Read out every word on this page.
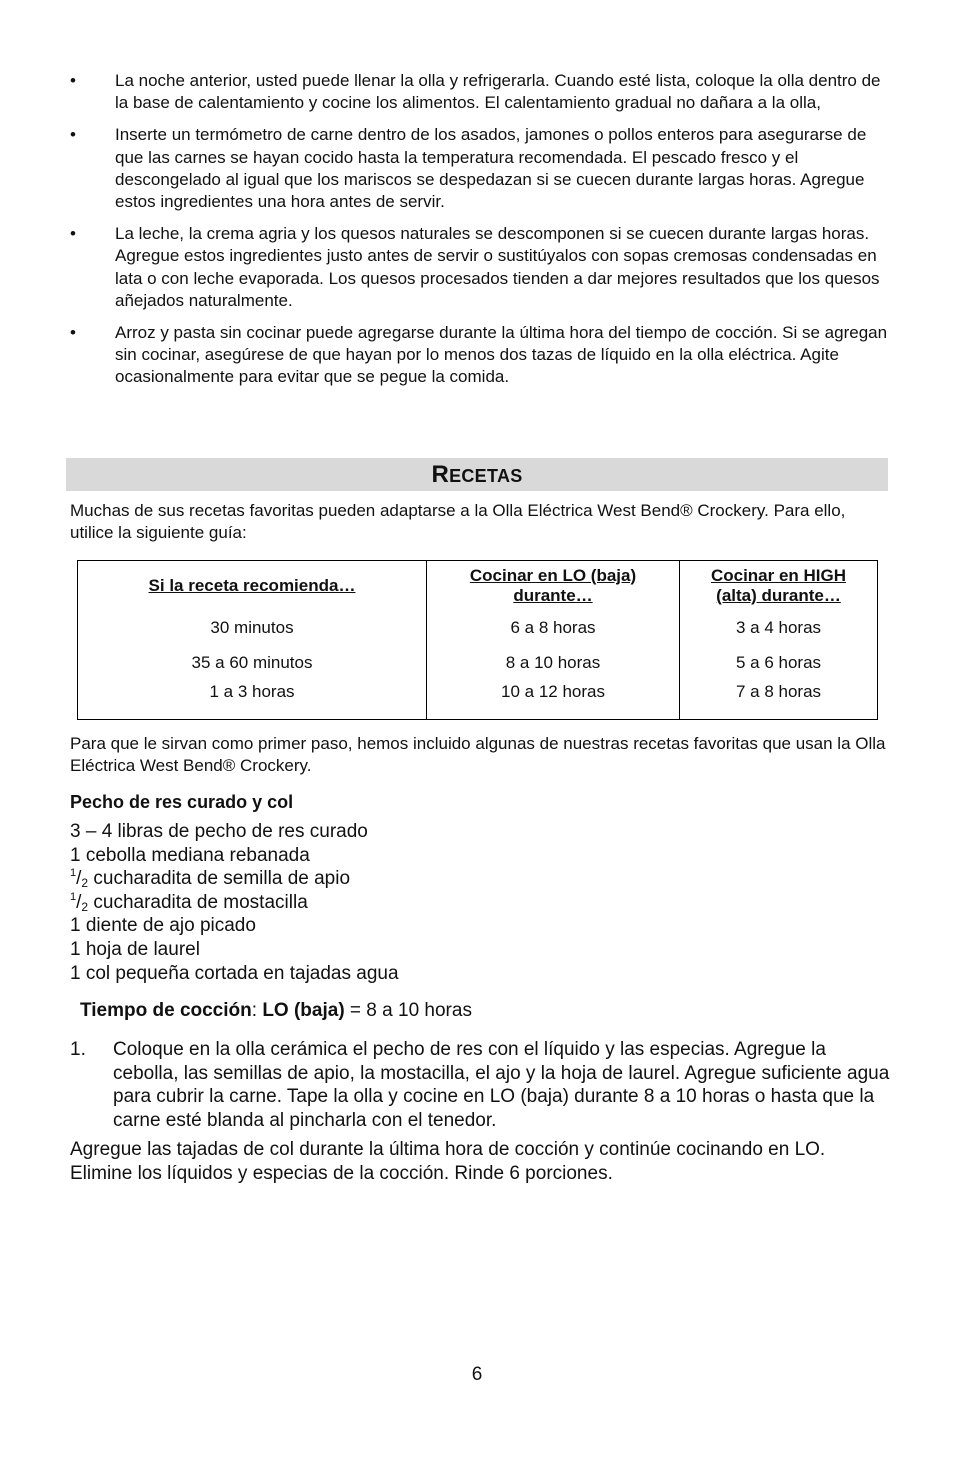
•	La noche anterior, usted puede llenar la olla y refrigerarla. Cuando esté lista, coloque la olla dentro de la base de calentamiento y cocine los alimentos. El calentamiento gradual no dañara a la olla,
•	Inserte un termómetro de carne dentro de los asados, jamones o pollos enteros para asegurarse de que las carnes se hayan cocido hasta la temperatura recomendada. El pescado fresco y el descongelado al igual que los mariscos se despedazan si se cuecen durante largas horas. Agregue estos ingredientes una hora antes de servir.
•	La leche, la crema agria y los quesos naturales se descomponen si se cuecen durante largas horas. Agregue estos ingredientes justo antes de servir o sustitúyalos con sopas cremosas condensadas en lata o con leche evaporada. Los quesos procesados tienden a dar mejores resultados que los quesos añejados naturalmente.
•	Arroz y pasta sin cocinar puede agregarse durante la última hora del tiempo de cocción. Si se agregan sin cocinar, asegúrese de que hayan por lo menos dos tazas de líquido en la olla eléctrica. Agite ocasionalmente para evitar que se pegue la comida.
RECETAS
Muchas de sus recetas favoritas pueden adaptarse a la Olla Eléctrica West Bend® Crockery. Para ello, utilice la siguiente guía:
Si la receta recomienda…	Cocinar en LO (baja) durante…	Cocinar en HIGH (alta) durante…
30 minutos	6 a 8 horas	3 a 4 horas
35 a 60 minutos	8 a 10 horas	5 a 6 horas
1 a 3 horas	10 a 12 horas	7 a 8 horas
Para que le sirvan como primer paso, hemos incluido algunas de nuestras recetas favoritas que usan la Olla Eléctrica West Bend® Crockery.
Pecho de res curado y col
3 – 4 libras de pecho de res curado
1 cebolla mediana rebanada
$^1/_2$ cucharadita de semilla de apio
$^1/_2$ cucharadita de mostacilla
1 diente de ajo picado
1 hoja de laurel
1 col pequeña cortada en tajadas agua
Tiempo de cocción: LO (baja) = 8 a 10 horas
1.	Coloque en la olla cerámica el pecho de res con el líquido y las especias. Agregue la cebolla, las semillas de apio, la mostacilla, el ajo y la hoja de laurel. Agregue suficiente agua para cubrir la carne. Tape la olla y cocine en LO (baja) durante 8 a 10 horas o hasta que la carne esté blanda al pincharla con el tenedor.
Agregue las tajadas de col durante la última hora de cocción y continúe cocinando en LO. Elimine los líquidos y especias de la cocción. Rinde 6 porciones.
6
